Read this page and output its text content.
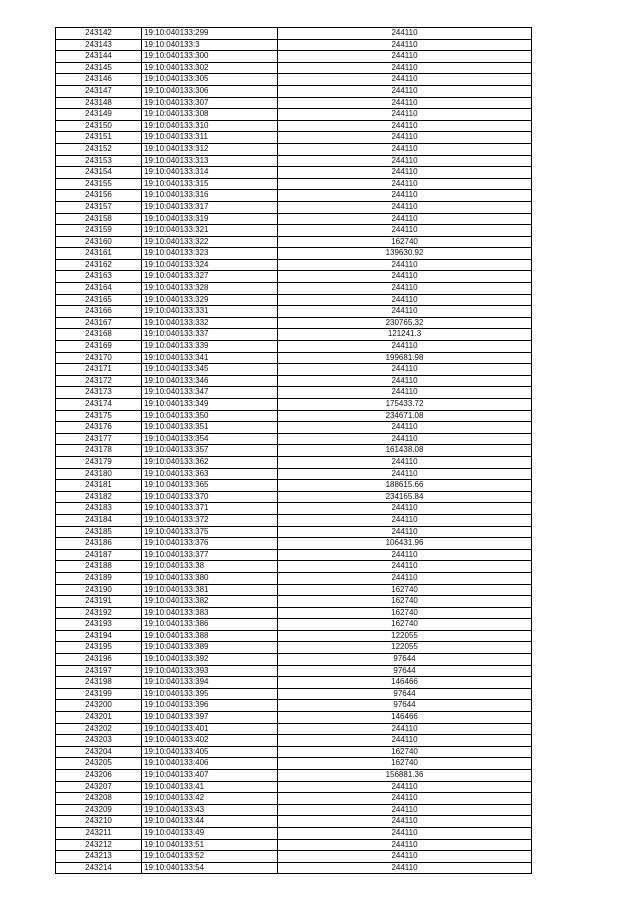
243142	19:10:040133:299	244110
243143	19:10:040133:3	244110
243144	19:10:040133:300	244110
243145	19:10:040133:302	244110
243146	19:10:040133:305	244110
243147	19:10:040133:306	244110
243148	19:10:040133:307	244110
243149	19:10:040133:308	244110
243150	19:10:040133:310	244110
243151	19:10:040133:311	244110
243152	19:10:040133:312	244110
243153	19:10:040133:313	244110
243154	19:10:040133:314	244110
243155	19:10:040133:315	244110
243156	19:10:040133:316	244110
243157	19:10:040133:317	244110
243158	19:10:040133:319	244110
243159	19:10:040133:321	244110
243160	19:10:040133:322	162740
243161	19:10:040133:323	139630.92
243162	19:10:040133:324	244110
243163	19:10:040133:327	244110
243164	19:10:040133:328	244110
243165	19:10:040133:329	244110
243166	19:10:040133:331	244110
243167	19:10:040133:332	230765.32
243168	19:10:040133:337	121241.3
243169	19:10:040133:339	244110
243170	19:10:040133:341	199681.98
243171	19:10:040133:345	244110
243172	19:10:040133:346	244110
243173	19:10:040133:347	244110
243174	19:10:040133:349	175433.72
243175	19:10:040133:350	234671.08
243176	19:10:040133:351	244110
243177	19:10:040133:354	244110
243178	19:10:040133:357	161438.08
243179	19:10:040133:362	244110
243180	19:10:040133:363	244110
243181	19:10:040133:365	188615.66
243182	19:10:040133:370	234165.84
243183	19:10:040133:371	244110
243184	19:10:040133:372	244110
243185	19:10:040133:375	244110
243186	19:10:040133:376	106431.96
243187	19:10:040133:377	244110
243188	19:10:040133:38	244110
243189	19:10:040133:380	244110
243190	19:10:040133:381	162740
243191	19:10:040133:382	162740
243192	19:10:040133:383	162740
243193	19:10:040133:386	162740
243194	19:10:040133:388	122055
243195	19:10:040133:389	122055
243196	19:10:040133:392	97644
243197	19:10:040133:393	97644
243198	19:10:040133:394	146466
243199	19:10:040133:395	97644
243200	19:10:040133:396	97644
243201	19:10:040133:397	146466
243202	19:10:040133:401	244110
243203	19:10:040133:402	244110
243204	19:10:040133:405	162740
243205	19:10:040133:406	162740
243206	19:10:040133:407	156881.36
243207	19:10:040133:41	244110
243208	19:10:040133:42	244110
243209	19:10:040133:43	244110
243210	19:10:040133:44	244110
243211	19:10:040133:49	244110
243212	19:10:040133:51	244110
243213	19:10:040133:52	244110
243214	19:10:040133:54	244110
